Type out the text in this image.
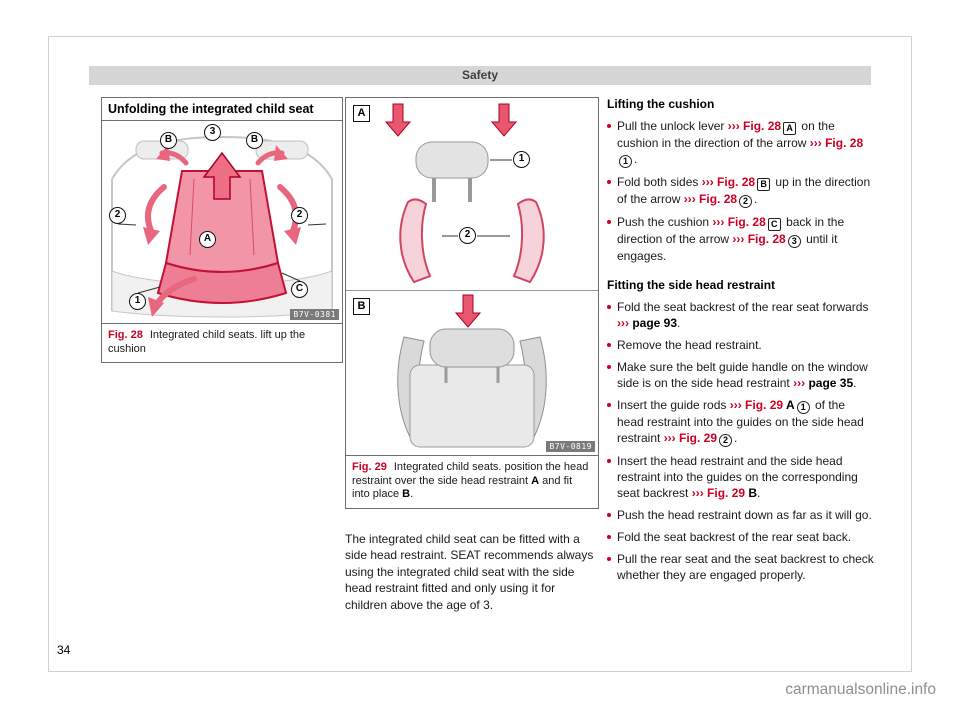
Safety
Unfolding the integrated child seat
3
B	B
2	2
A
1
C
B7V-0381
Fig. 28 Integrated child seats. lift up the cushion
A
1
2
B
B7V-0819
Fig. 29 Integrated child seats. position the head restraint over the side head restraint A and fit into place B.
The integrated child seat can be fitted with a side head restraint. SEAT recommends always using the integrated child seat with the side head restraint fitted and only using it for children above the age of 3.
Lifting the cushion
Pull the unlock lever ››› Fig. 28 A on the cushion in the direction of the arrow ››› Fig. 281 .
Fold both sides ››› Fig. 28 B up in the direction of the arrow ››› Fig. 28 2 .
Push the cushion ››› Fig. 28 C back in the direction of the arrow ››› Fig. 28 3 until it engages.
Fitting the side head restraint
Fold the seat backrest of the rear seat forwards ››› page 93.
Remove the head restraint.
Make sure the belt guide handle on the window side is on the side head restraint ››› page 35.
Insert the guide rods ››› Fig. 29 A 1 of the head restraint into the guides on the side head restraint ››› Fig. 29 2 .
Insert the head restraint and the side head restraint into the guides on the corresponding seat backrest ››› Fig. 29 B.
Push the head restraint down as far as it will go.
Fold the seat backrest of the rear seat back.
Pull the rear seat and the seat backrest to check whether they are engaged properly.
34
carmanualsonline.info
